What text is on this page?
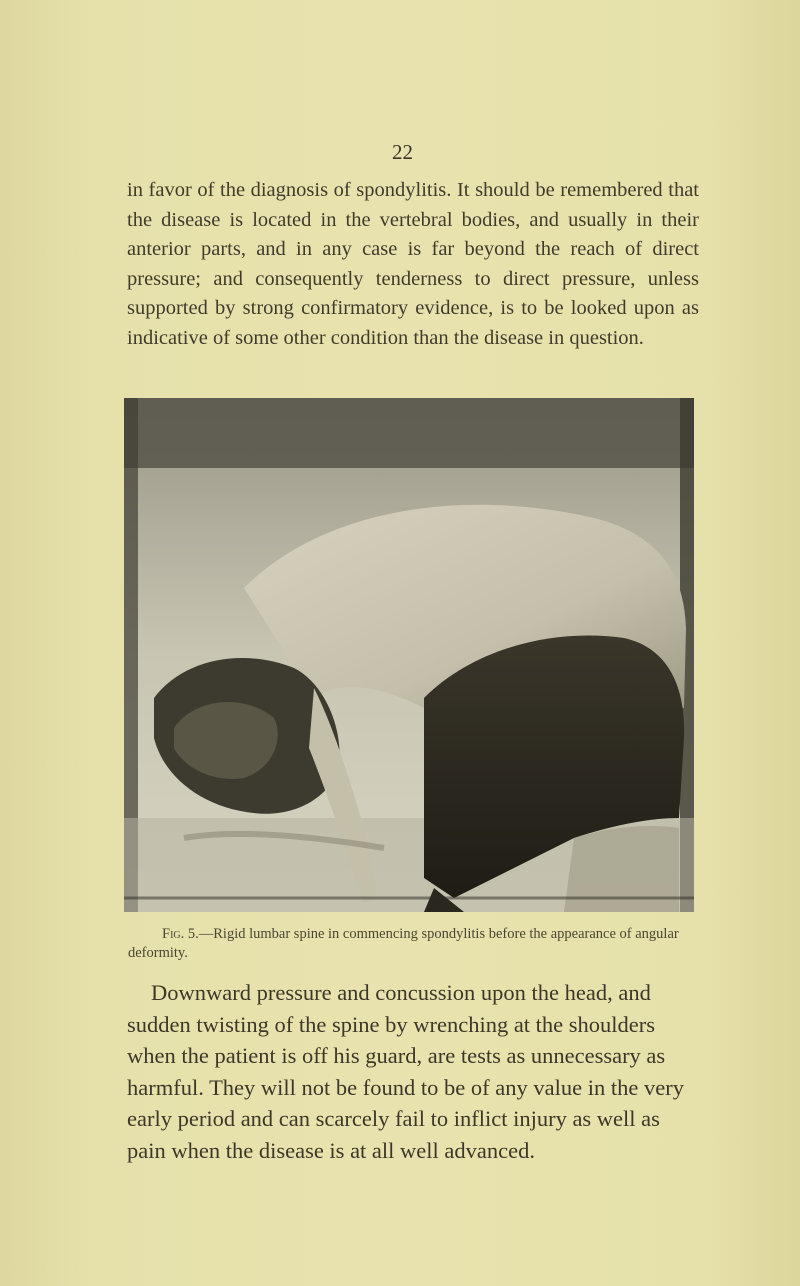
22

in favor of the diagnosis of spondylitis. It should be remembered that the disease is located in the vertebral bodies, and usually in their anterior parts, and in any case is far beyond the reach of direct pressure; and consequently tenderness to direct pressure, unless supported by strong confirmatory evidence, is to be looked upon as indicative of some other condition than the disease in question.

Fig. 5.—Rigid lumbar spine in commencing spondylitis before the appearance of angular deformity.

Downward pressure and concussion upon the head, and sudden twisting of the spine by wrenching at the shoulders when the patient is off his guard, are tests as unnecessary as harmful. They will not be found to be of any value in the very early period and can scarcely fail to inflict injury as well as pain when the disease is at all well advanced.
